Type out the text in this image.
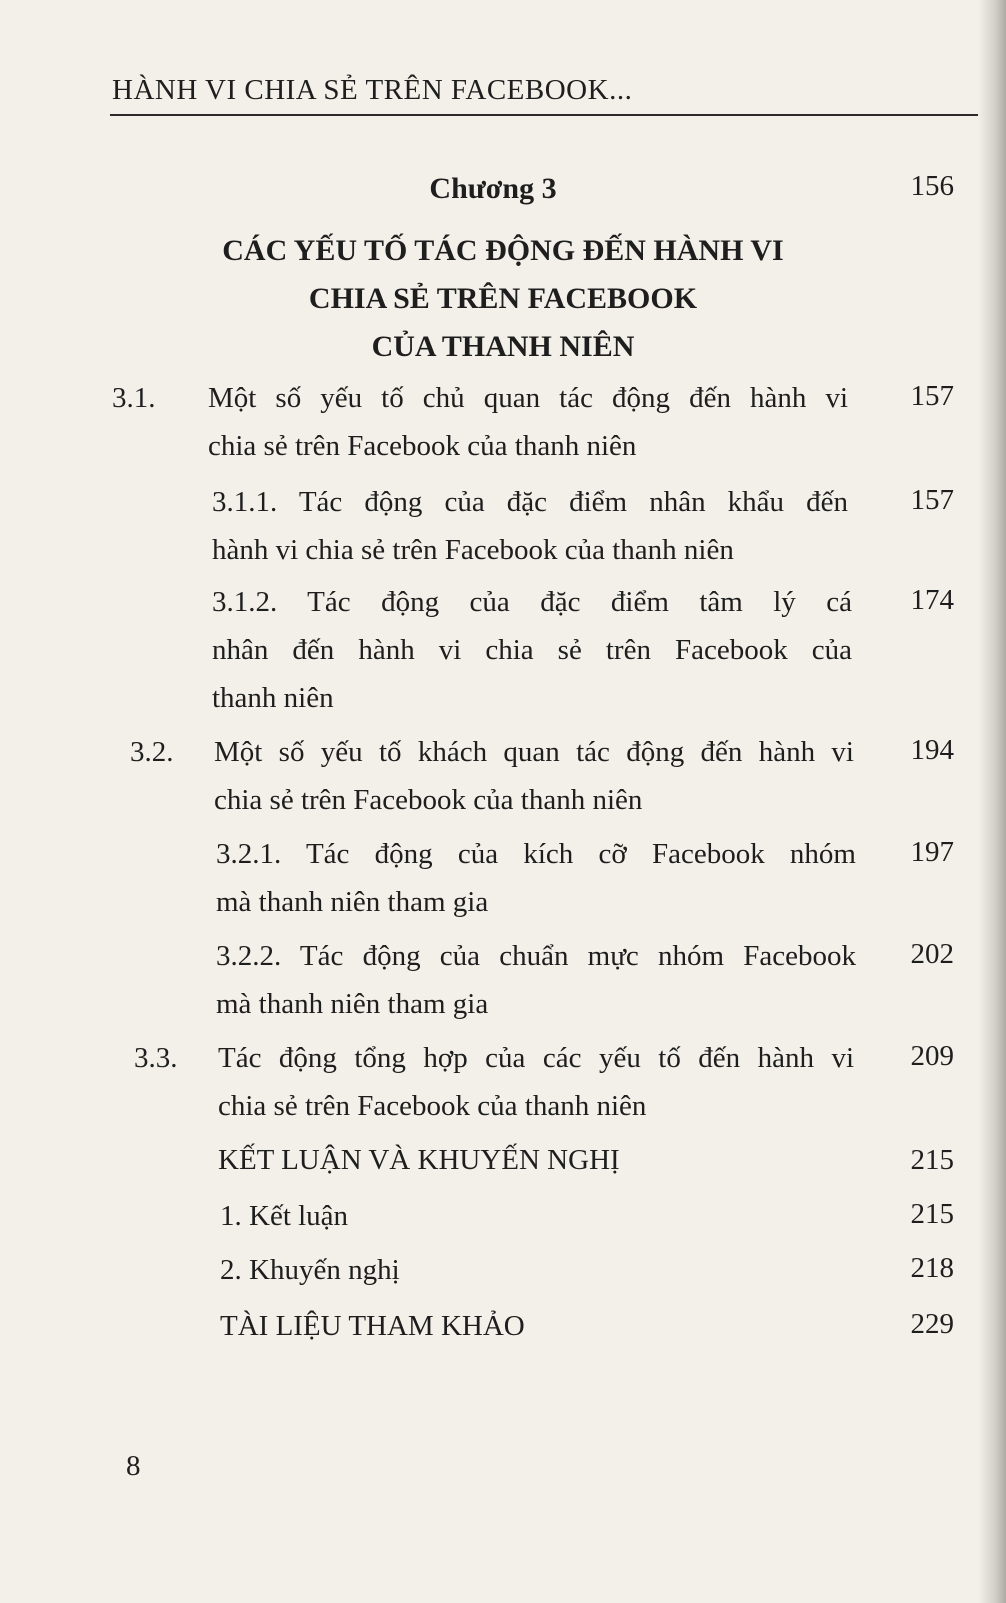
HÀNH VI CHIA SẺ TRÊN FACEBOOK...
Chương 3	156
CÁC YẾU TỐ TÁC ĐỘNG ĐẾN HÀNH VI
CHIA SẺ TRÊN FACEBOOK
CỦA THANH NIÊN
3.1. Một số yếu tố chủ quan tác động đến hành vi
chia sẻ trên Facebook của thanh niên
157
3.1.1. Tác động của đặc điểm nhân khẩu đến
hành vi chia sẻ trên Facebook của thanh niên
157
3.1.2. Tác động của đặc điểm tâm lý cá
nhân đến hành vi chia sẻ trên Facebook của
thanh niên
174
3.2. Một số yếu tố khách quan tác động đến hành vi
chia sẻ trên Facebook của thanh niên
194
3.2.1. Tác động của kích cỡ Facebook nhóm
mà thanh niên tham gia
197
3.2.2. Tác động của chuẩn mực nhóm Facebook
mà thanh niên tham gia
202
3.3. Tác động tổng hợp của các yếu tố đến hành vi
chia sẻ trên Facebook của thanh niên
209
KẾT LUẬN VÀ KHUYẾN NGHỊ	215
1. Kết luận	215
2. Khuyến nghị	218
TÀI LIỆU THAM KHẢO	229
8
